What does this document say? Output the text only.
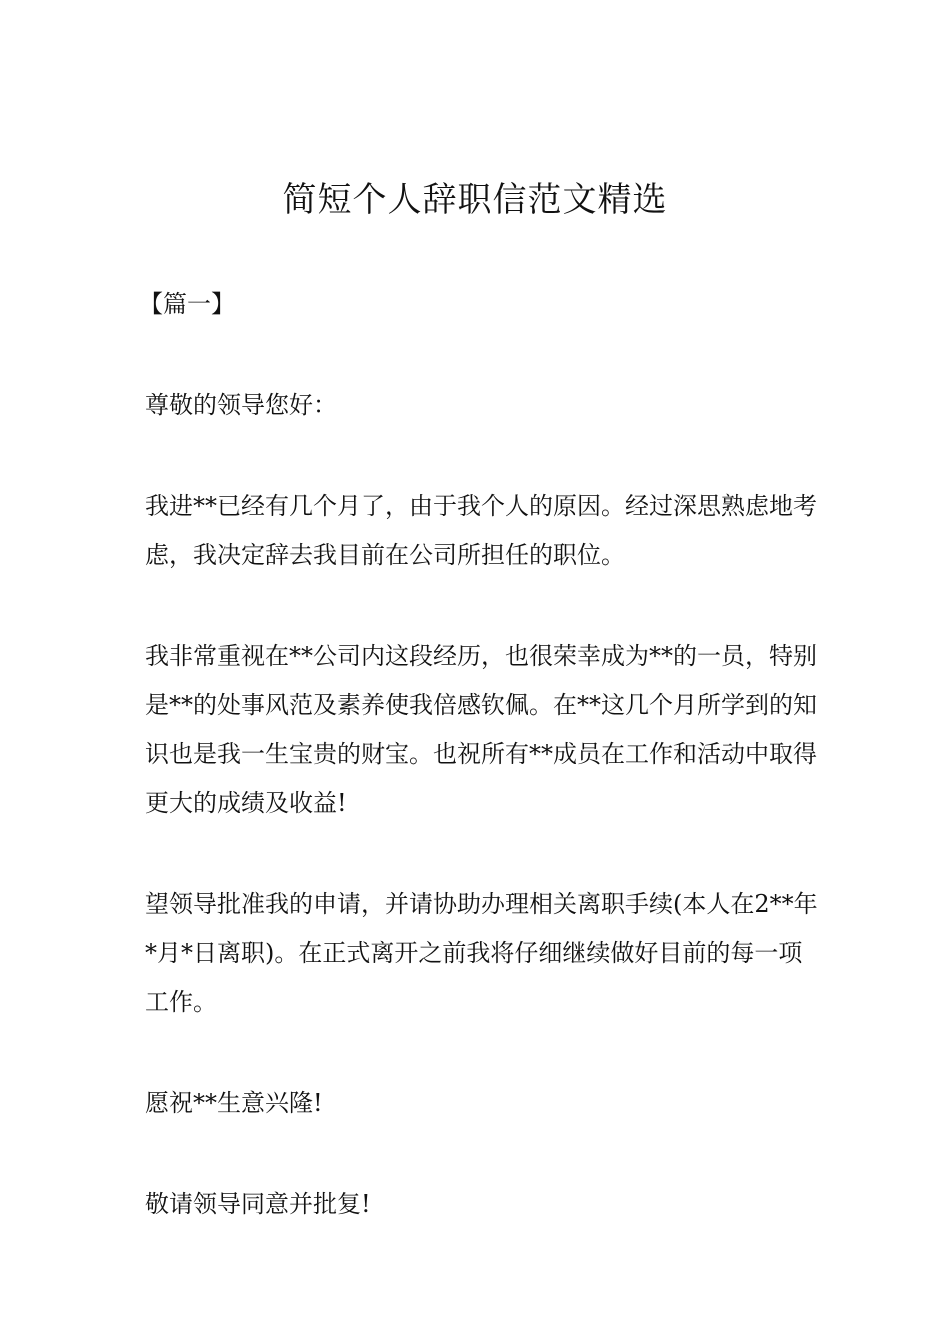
简短个人辞职信范文精选

【篇一】

尊敬的领导您好：

我进**已经有几个月了，由于我个人的原因。经过深思熟虑地考虑，我决定辞去我目前在公司所担任的职位。

我非常重视在**公司内这段经历，也很荣幸成为**的一员，特别是**的处事风范及素养使我倍感钦佩。在**这几个月所学到的知识也是我一生宝贵的财宝。也祝所有**成员在工作和活动中取得更大的成绩及收益!

望领导批准我的申请，并请协助办理相关离职手续(本人在2**年*月*日离职)。在正式离开之前我将仔细继续做好目前的每一项工作。

愿祝**生意兴隆!

敬请领导同意并批复!
